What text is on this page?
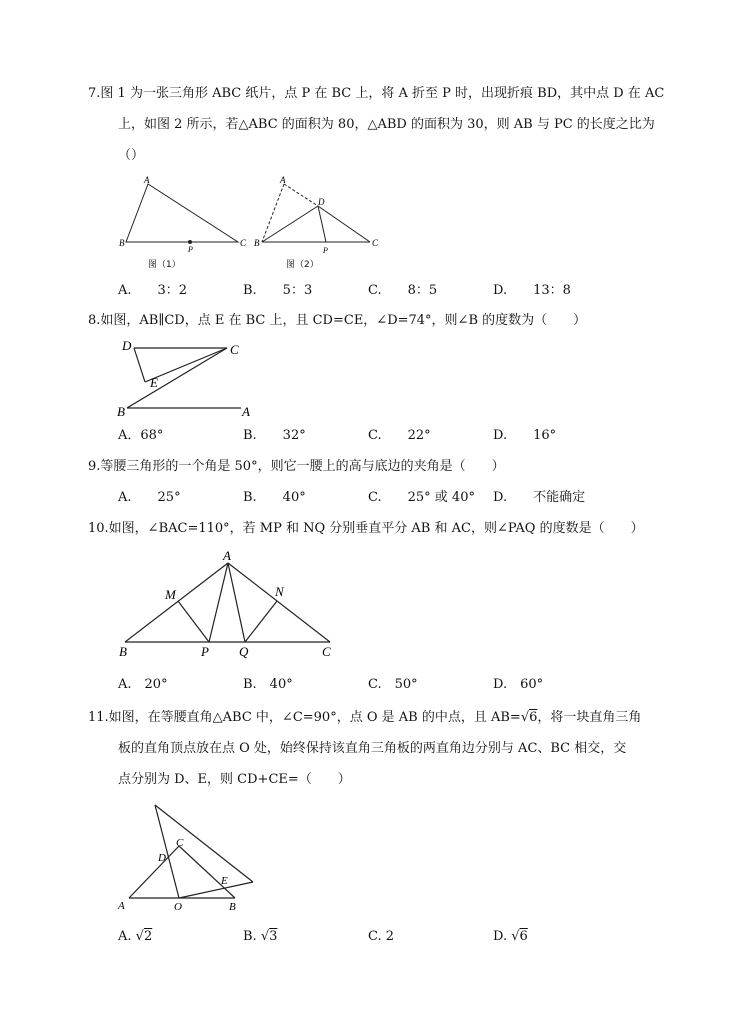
7.图 1 为一张三角形 ABC 纸片，点 P 在 BC 上，将 A 折至 P 时，出现折痕 BD，其中点 D 在 AC
上，如图 2 所示，若△ABC 的面积为 80，△ABD 的面积为 30，则 AB 与 PC 的长度之比为
（）
A
B	C
P
图（1）
A
B	C
D
P
图（2）
A.　　3：2	B.　　5：3	C.　　8：5	D.　　13：8
8.如图，AB∥CD，点 E 在 BC 上，且 CD=CE，∠D=74°，则∠B 的度数为（　　）
D	C
E
B	A
A．68°	B.　　32°	C.　　22°	D.　　16°
9.等腰三角形的一个角是 50°，则它一腰上的高与底边的夹角是（　　）
A.　　25°	B.　　40°	C.　　25° 或 40° D.　　不能确定
10.如图，∠BAC=110°，若 MP 和 NQ 分别垂直平分 AB 和 AC，则∠PAQ 的度数是（　　）
A
M	N
B	P Q	C
A.　20°	B.　40°	C.　50°	D.　60°
11.如图，在等腰直角△ABC 中，∠C=90°，点 O 是 AB 的中点，且 AB=√6，将一块直角三角
板的直角顶点放在点 O 处，始终保持该直角三角板的两直角边分别与 AC、BC 相交，交
点分别为 D、E，则 CD+CE=（　　）
C
D
E
A	O	B
A. √2	B. √3	C. 2	D. √6
